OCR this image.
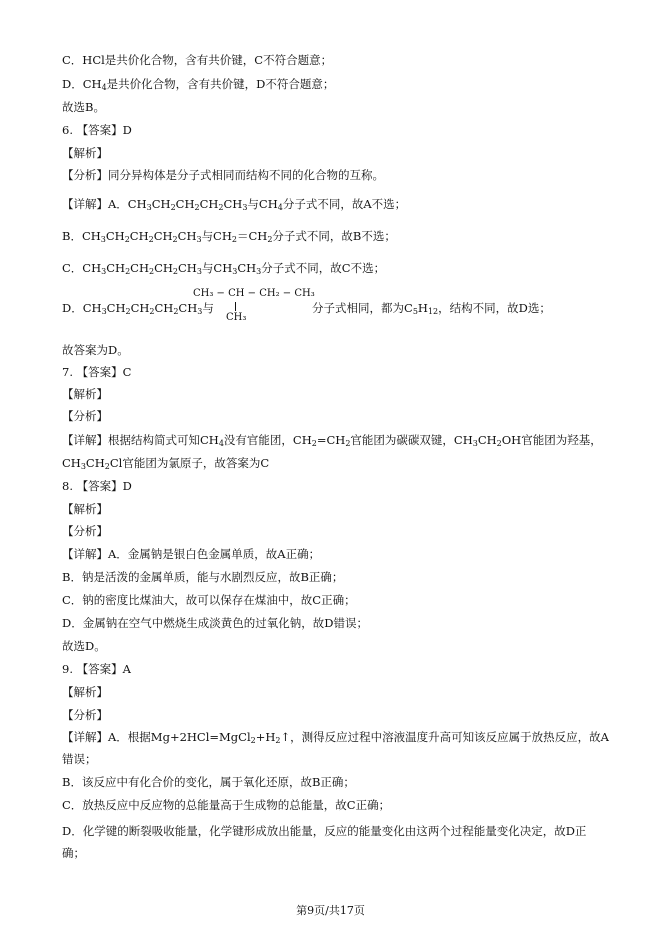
C．HCl是共价化合物，含有共价键，C不符合题意；
D．$CH_4$是共价化合物，含有共价键，D不符合题意；
故选B。
6. 【答案】D
【解析】
【分析】同分异构体是分子式相同而结构不同的化合物的互称。
【详解】A．$CH_3CH_2CH_2CH_2CH_3$与$CH_4$分子式不同，故A不选；
B．$CH_3CH_2CH_2CH_2CH_3$与$CH_2=CH_2$分子式不同，故B不选；
C．$CH_3CH_2CH_2CH_2CH_3$与$CH_3CH_3$分子式不同，故C不选；
D．$CH_3CH_2CH_2CH_2CH_3$与
CH₃ − CH − CH₂ − CH₃
CH₃
分子式相同，都为$C_5H_{12}$，结构不同，故D选；
故答案为D。
7. 【答案】C
【解析】
【分析】
【详解】根据结构简式可知$CH_4$没有官能团，$CH_2=CH_2$官能团为碳碳双键，$CH_3CH_2OH$官能团为羟基，
$CH_3CH_2Cl$官能团为氯原子，故答案为C
8. 【答案】D
【解析】
【分析】
【详解】A．金属钠是银白色金属单质，故A正确；
B．钠是活泼的金属单质，能与水剧烈反应，故B正确；
C．钠的密度比煤油大，故可以保存在煤油中，故C正确；
D．金属钠在空气中燃烧生成淡黄色的过氧化钠，故D错误；
故选D。
9. 【答案】A
【解析】
【分析】
【详解】A．根据$Mg+2HCl=MgCl_2+H_2↑$，测得反应过程中溶液温度升高可知该反应属于放热反应，故A
错误；
B．该反应中有化合价的变化，属于氧化还原，故B正确；
C．放热反应中反应物的总能量高于生成物的总能量，故C正确；
D．化学键的断裂吸收能量，化学键形成放出能量，反应的能量变化由这两个过程能量变化决定，故D正确；
第9页/共17页
